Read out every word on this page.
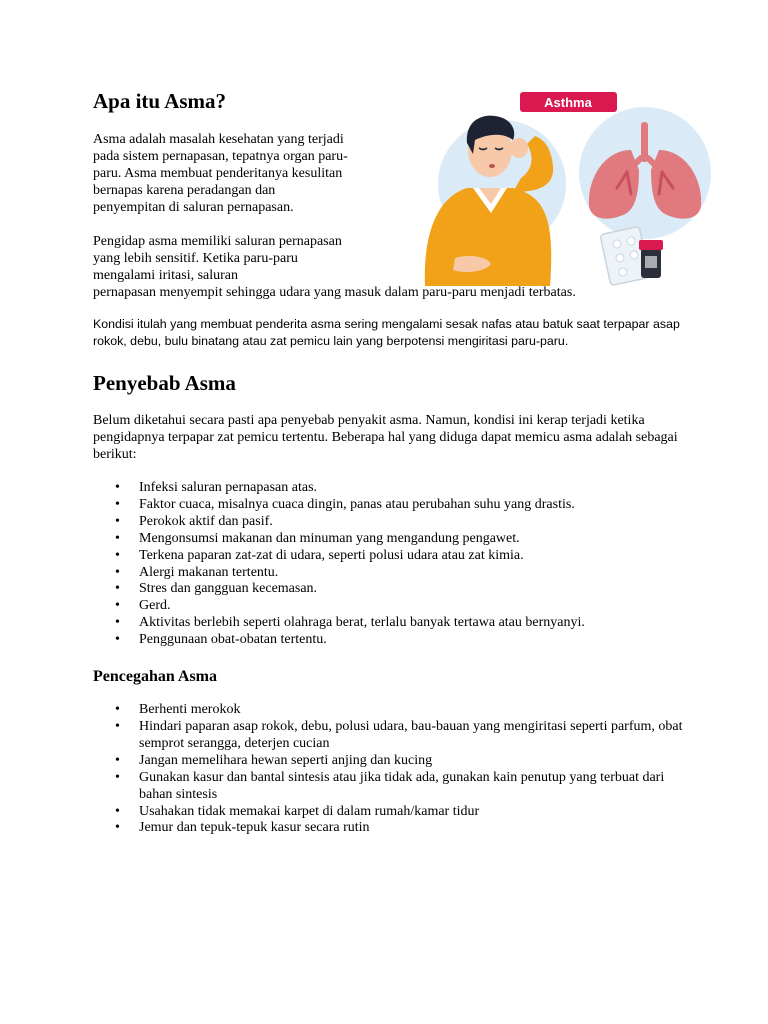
Asthma
Apa itu Asma?

Asma adalah masalah kesehatan yang terjadi pada sistem pernapasan, tepatnya organ paru-paru. Asma membuat penderitanya kesulitan bernapas karena peradangan dan penyempitan di saluran pernapasan.

Pengidap asma memiliki saluran pernapasan yang lebih sensitif. Ketika paru-paru mengalami iritasi, saluran

pernapasan menyempit sehingga udara yang masuk dalam paru-paru menjadi terbatas.

Kondisi itulah yang membuat penderita asma sering mengalami sesak nafas atau batuk saat terpapar asap rokok, debu, bulu binatang atau zat pemicu lain yang berpotensi mengiritasi paru-paru.

Penyebab Asma

Belum diketahui secara pasti apa penyebab penyakit asma. Namun, kondisi ini kerap terjadi ketika pengidapnya terpapar zat pemicu tertentu. Beberapa hal yang diduga dapat memicu asma adalah sebagai berikut:

• Infeksi saluran pernapasan atas.
• Faktor cuaca, misalnya cuaca dingin, panas atau perubahan suhu yang drastis.
• Perokok aktif dan pasif.
• Mengonsumsi makanan dan minuman yang mengandung pengawet.
• Terkena paparan zat-zat di udara, seperti polusi udara atau zat kimia.
• Alergi makanan tertentu.
• Stres dan gangguan kecemasan.
• Gerd.
• Aktivitas berlebih seperti olahraga berat, terlalu banyak tertawa atau bernyanyi.
• Penggunaan obat-obatan tertentu.
Pencegahan Asma
• Berhenti merokok
• Hindari paparan asap rokok, debu, polusi udara, bau-bauan yang mengiritasi seperti parfum, obat semprot serangga, deterjen cucian
• Jangan memelihara hewan seperti anjing dan kucing
• Gunakan kasur dan bantal sintesis atau jika tidak ada, gunakan kain penutup yang terbuat dari bahan sintesis
• Usahakan tidak memakai karpet di dalam rumah/kamar tidur
• Jemur dan tepuk-tepuk kasur secara rutin
